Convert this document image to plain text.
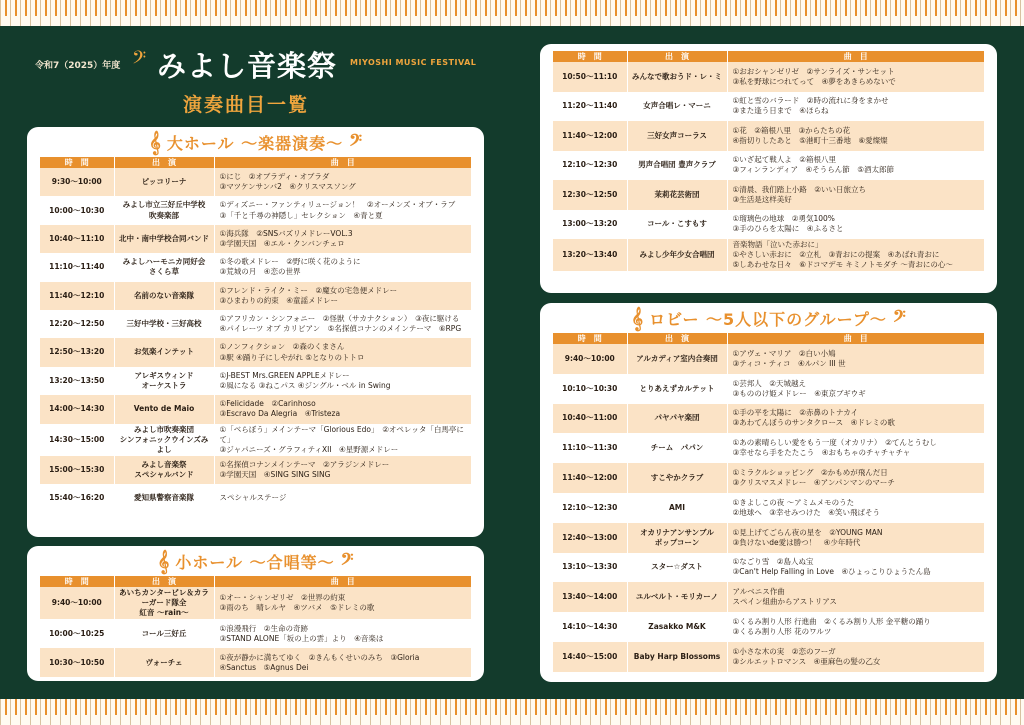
令和7（2025）年度 𝄢 みよし音楽祭 MIYOSHI MUSIC FESTIVAL
演奏曲目一覧
𝄞 大ホール 〜楽器演奏〜 𝄢
時　間	出　演	曲　目
9:30〜10:00	ピッコリーナ	①にじ　②オブラディ・オブラダ
③マツケンサンバ2　④クリスマスソング
10:00〜10:30	みよし市立三好丘中学校
吹奏楽部	①ディズニー・ファンティリュージョン！　②オーメンズ・オブ・ラブ
③「千と千尋の神隠し」セレクション　④青と夏
10:40〜11:10	北中・南中学校合同バンド	①海兵隊　②SNSバズリメドレーVOL.3
③学園天国　④エル・クンバンチェロ
11:10〜11:40	みよしハーモニカ同好会
さくら草	①冬の歌メドレー　②野に咲く花のように
③荒城の月　④恋の世界
11:40〜12:10	名前のない音楽隊	①フレンド・ライク・ミー　②魔女の宅急便メドレー
③ひまわりの約束　④童謡メドレー
12:20〜12:50	三好中学校・三好高校	①アフリカン・シンフォニー　②怪獣（サカナクション）　③夜に駆ける
④パイレーツ オブ カリビアン　⑤名探偵コナンのメインテーマ　⑥RPG
12:50〜13:20	お気楽インテット	①ノンフィクション　②森のくまさん
③駅 ④踊り子にしやがれ ⑤となりのトトロ
13:20〜13:50	アレギスウィンド
オーケストラ	①J-BEST Mrs.GREEN APPLEメドレー
②風になる ③ねこパス ④ジングル・ベル in Swing
14:00〜14:30	Vento de Maio	①Felicidade　②Carinhoso
③Escravo Da Alegria　④Tristeza
14:30〜15:00	みよし市吹奏楽団
シンフォニックウインズみよし	①「べらぼう」メインテーマ「Glorious Edo」　②オペレッタ「白馬亭にて」
③ジャパニーズ・グラフィティXII　④星野源メドレー
15:00〜15:30	みよし音楽祭
スペシャルバンド	①名探偵コナンメインテーマ　②アラジンメドレー
③学園天国　④SING SING SING
15:40〜16:20	愛知県警察音楽隊	スペシャルステージ
𝄞 小ホール 〜合唱等〜 𝄢
時　間	出　演	曲　目
9:40〜10:00	あいちカンタービレ＆カラーガード隊全
紅音 〜rain〜	①オー・シャンゼリゼ　②世界の約束
③雨のち　晴レルヤ　④ツバメ　⑤ドレミの歌
10:00〜10:25	コール三好丘	①浪漫飛行　②生命の奇跡
③STAND ALONE「坂の上の雲」より　④音楽は
10:30〜10:50	ヴォーチェ	①夜が静かに満ちてゆく　②きんもくせいのみち　③Gloria
④Sanctus　⑤Agnus Dei
時　間	出　演	曲　目
10:50〜11:10	みんなで歌おうド・レ・ミ	①おおシャンゼリゼ　②サンライズ・サンセット
③私を野球につれてって　④夢をあきらめないで
11:20〜11:40	女声合唱レ・マーニ	①虹と雪のバラード　②時の流れに身をまかせ
③また逢う日まで　④ほらね
11:40〜12:00	三好女声コーラス	①花　②箱根八里　③からたちの花
④指切りしたあと　⑤港町十三番地　⑥愛燦燦
12:10〜12:30	男声合唱団 豊声クラブ	①いざ起て戦人よ　②箱根八里
③フィンランディア　④そうらん節　⑤酒太郎節
12:30〜12:50	茉莉花芸術団	①清晨、我们踏上小路　②いい日旅立ち
③生活是这样美好
13:00〜13:20	コール・こすもす	①瑠璃色の地球　②勇気100%
③手のひらを太陽に　④ふるさと
13:20〜13:40	みよし少年少女合唱団	音楽物語「泣いた赤おに」
①やさしい赤おに　②立札　③青おにの提案　④あばれ青おに
⑤しあわせな日々　⑥ドコマデモ キミノトモダチ 〜青おにの心〜
𝄞 ロビー 〜5人以下のグループ〜 𝄢
時　間	出　演	曲　目
9:40〜10:00	アルカディア室内合奏団	①アヴェ・マリア　②白い小鳩
③ティコ・ティコ　④ルパン III 世
10:10〜10:30	とりあえずカルテット	①芸邦人　②天城越え
③もののけ姫メドレー　④東京ブギウギ
10:40〜11:00	パヤパヤ楽団	①手の平を太陽に　②赤鼻のトナカイ
③あわてんぼうのサンタクロース　④ドレミの歌
11:10〜11:30	チーム　パパン	①あの素晴らしい愛をもう一度（オカリナ）　②てんとうむし
③幸せなら手をたたこう　④おもちゃのチャチャチャ
11:40〜12:00	すこやかクラブ	①ミラクルショッピング　②かもめが飛んだ日
③クリスマスメドレー　④アンパンマンのマーチ
12:10〜12:30	AMI	①きよしこの夜 〜アミムメモのうた
②地球へ　③幸せみつけた　④笑い飛ばそう
12:40〜13:00	オカリナアンサンブル
ポップコーン	①見上げてごらん夜の星を　②YOUNG MAN
③負けないde愛は勝つ！　④少年時代
13:10〜13:30	スター☆ダスト	①なごり雪　②島人ぬ宝
③Can't Help Falling in Love　④ひょっこりひょうたん島
13:40〜14:00	ユルベルト・モリカーノ	アルベニス作曲
スペイン組曲からアストリアス
14:10〜14:30	Zasakko M&K	①くるみ割り人形 行進曲　②くるみ割り人形 金平糖の踊り
③くるみ割り人形 花のワルツ
14:40〜15:00	Baby Harp Blossoms	①小さな木の実　②恋のフーガ
③シルエットロマンス　④亜麻色の髪の乙女
